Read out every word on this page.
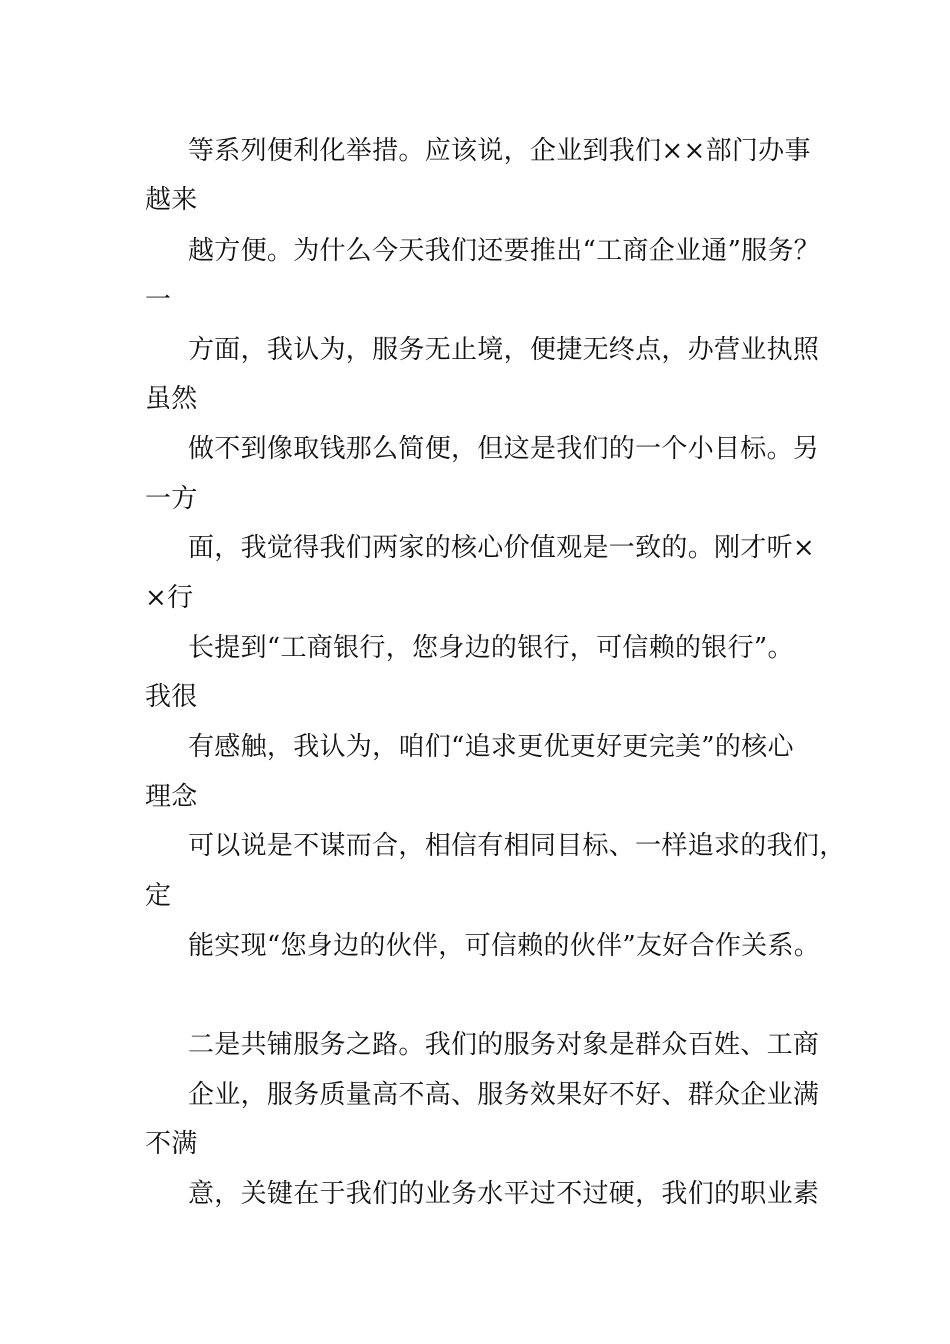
等系列便利化举措。应该说，企业到我们××部门办事
越来
越方便。为什么今天我们还要推出“工商企业通”服务？
一
方面，我认为，服务无止境，便捷无终点，办营业执照
虽然
做不到像取钱那么简便，但这是我们的一个小目标。另
一方
面，我觉得我们两家的核心价值观是一致的。刚才听×
×行
长提到“工商银行，您身边的银行，可信赖的银行”。
我很
有感触，我认为，咱们“追求更优更好更完美”的核心
理念
可以说是不谋而合，相信有相同目标、一样追求的我们，
定
能实现“您身边的伙伴，可信赖的伙伴”友好合作关系。
二是共铺服务之路。我们的服务对象是群众百姓、工商
企业，服务质量高不高、服务效果好不好、群众企业满
不满
意，关键在于我们的业务水平过不过硬，我们的职业素
